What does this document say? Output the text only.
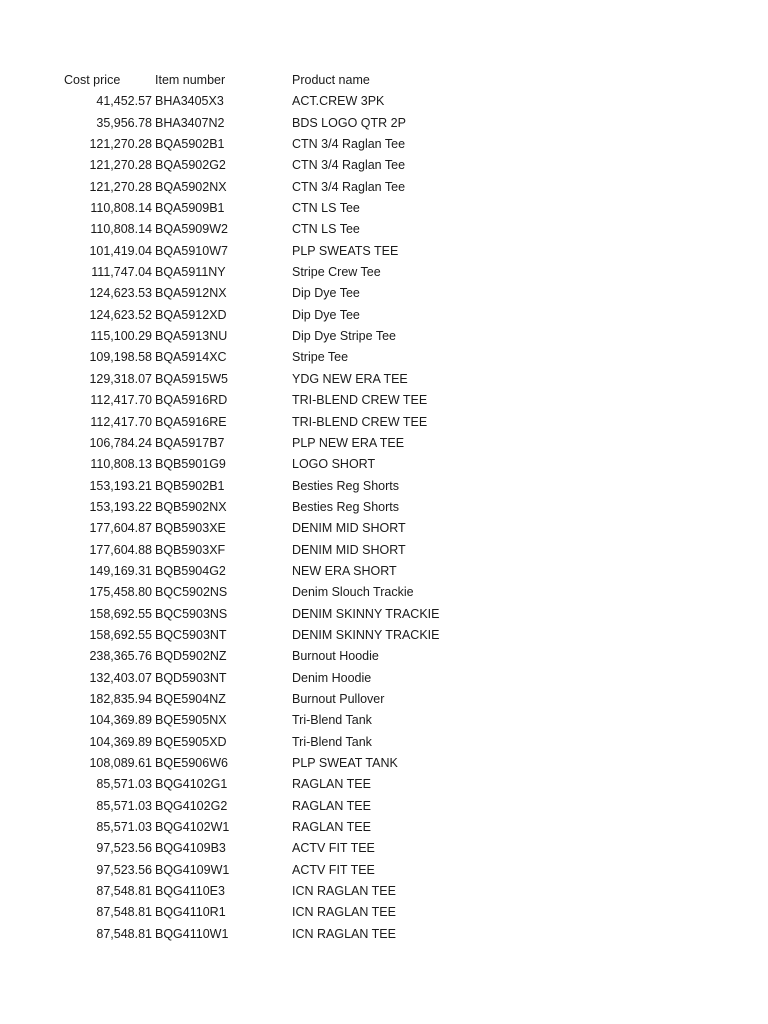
Cost price	Item number	Product name
41,452.57 BHA3405X3	ACT.CREW 3PK
35,956.78 BHA3407N2	BDS LOGO QTR 2P
121,270.28 BQA5902B1	CTN 3/4 Raglan Tee
121,270.28 BQA5902G2	CTN 3/4 Raglan Tee
121,270.28 BQA5902NX	CTN 3/4 Raglan Tee
110,808.14 BQA5909B1	CTN LS Tee
110,808.14 BQA5909W2	CTN LS Tee
101,419.04 BQA5910W7	PLP SWEATS TEE
111,747.04 BQA5911NY	Stripe Crew Tee
124,623.53 BQA5912NX	Dip Dye Tee
124,623.52 BQA5912XD	Dip Dye Tee
115,100.29 BQA5913NU	Dip Dye Stripe Tee
109,198.58 BQA5914XC	Stripe Tee
129,318.07 BQA5915W5	YDG NEW ERA TEE
112,417.70 BQA5916RD	TRI-BLEND CREW TEE
112,417.70 BQA5916RE	TRI-BLEND CREW TEE
106,784.24 BQA5917B7	PLP NEW ERA TEE
110,808.13 BQB5901G9	LOGO SHORT
153,193.21 BQB5902B1	Besties Reg Shorts
153,193.22 BQB5902NX	Besties Reg Shorts
177,604.87 BQB5903XE	DENIM MID SHORT
177,604.88 BQB5903XF	DENIM MID SHORT
149,169.31 BQB5904G2	NEW ERA SHORT
175,458.80 BQC5902NS	Denim Slouch Trackie
158,692.55 BQC5903NS	DENIM SKINNY TRACKIE
158,692.55 BQC5903NT	DENIM SKINNY TRACKIE
238,365.76 BQD5902NZ	Burnout Hoodie
132,403.07 BQD5903NT	Denim Hoodie
182,835.94 BQE5904NZ	Burnout Pullover
104,369.89 BQE5905NX	Tri-Blend Tank
104,369.89 BQE5905XD	Tri-Blend Tank
108,089.61 BQE5906W6	PLP SWEAT TANK
85,571.03 BQG4102G1	RAGLAN TEE
85,571.03 BQG4102G2	RAGLAN TEE
85,571.03 BQG4102W1	RAGLAN TEE
97,523.56 BQG4109B3	ACTV FIT TEE
97,523.56 BQG4109W1	ACTV FIT TEE
87,548.81 BQG4110E3	ICN RAGLAN TEE
87,548.81 BQG4110R1	ICN RAGLAN TEE
87,548.81 BQG4110W1	ICN RAGLAN TEE
